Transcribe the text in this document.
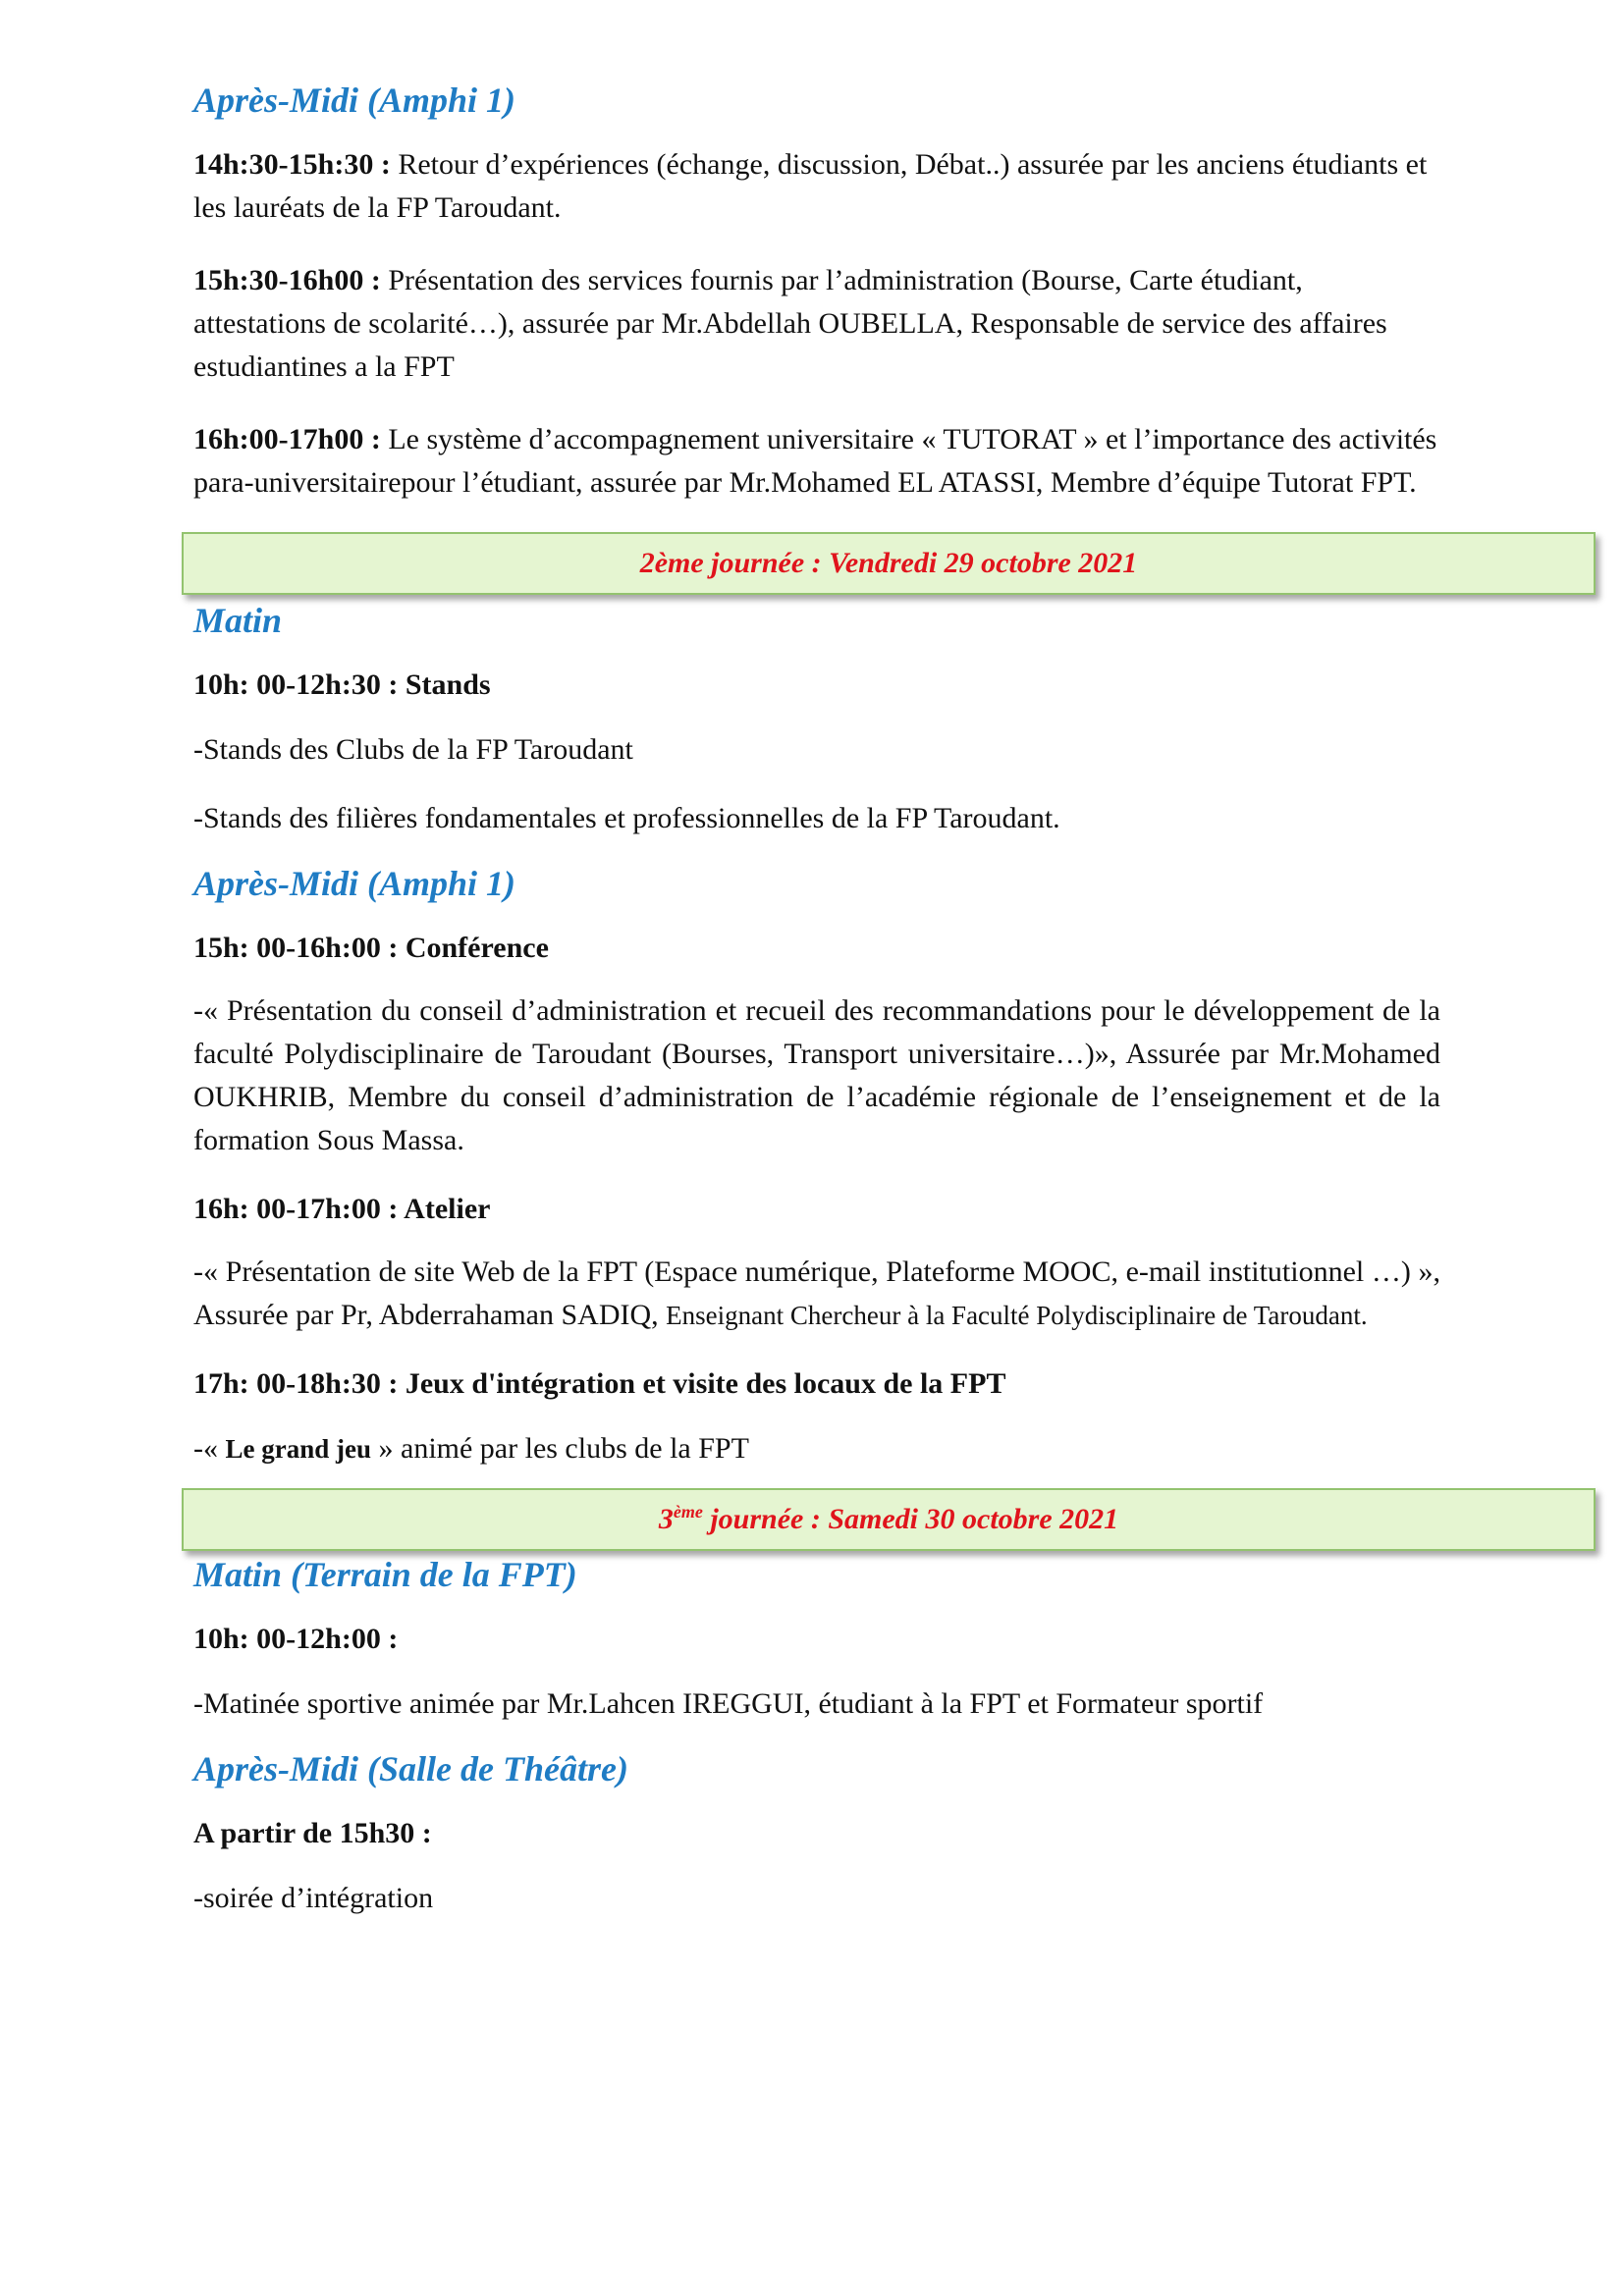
Après-Midi (Amphi 1)

14h:30-15h:30 : Retour d’expériences (échange, discussion, Débat..) assurée par les anciens étudiants et les lauréats de la FP Taroudant.

15h:30-16h00 : Présentation des services fournis par l’administration (Bourse, Carte étudiant, attestations de scolarité…), assurée par Mr.Abdellah OUBELLA, Responsable de service des affaires estudiantines a la FPT

16h:00-17h00 : Le système d’accompagnement universitaire « TUTORAT » et l’importance des activités para-universitairepour l’étudiant, assurée par Mr.Mohamed EL ATASSI, Membre d’équipe Tutorat FPT.

2ème journée : Vendredi 29 octobre 2021
Matin

10h: 00-12h:30 : Stands

-Stands des Clubs de la FP Taroudant

-Stands des filières fondamentales et professionnelles de la FP Taroudant.

Après-Midi (Amphi 1)

15h: 00-16h:00 : Conférence

-« Présentation du conseil d’administration et recueil des recommandations pour le développement de la faculté Polydisciplinaire de Taroudant (Bourses, Transport universitaire…)», Assurée par Mr.Mohamed OUKHRIB, Membre du conseil d’administration de l’académie régionale de l’enseignement et de la formation Sous Massa.

16h: 00-17h:00 : Atelier

-« Présentation de site Web de la FPT (Espace numérique, Plateforme MOOC, e-mail institutionnel …) », Assurée par Pr, Abderrahaman SADIQ, Enseignant Chercheur à la Faculté Polydisciplinaire de Taroudant.

17h: 00-18h:30 : Jeux d'intégration et visite des locaux de la FPT

-« Le grand jeu » animé par les clubs de la FPT

3ème journée : Samedi 30 octobre 2021
Matin (Terrain de la FPT)

10h: 00-12h:00 :

-Matinée sportive animée par Mr.Lahcen IREGGUI, étudiant à la FPT et Formateur sportif

Après-Midi (Salle de Théâtre)

A partir de 15h30 :

-soirée d’intégration
